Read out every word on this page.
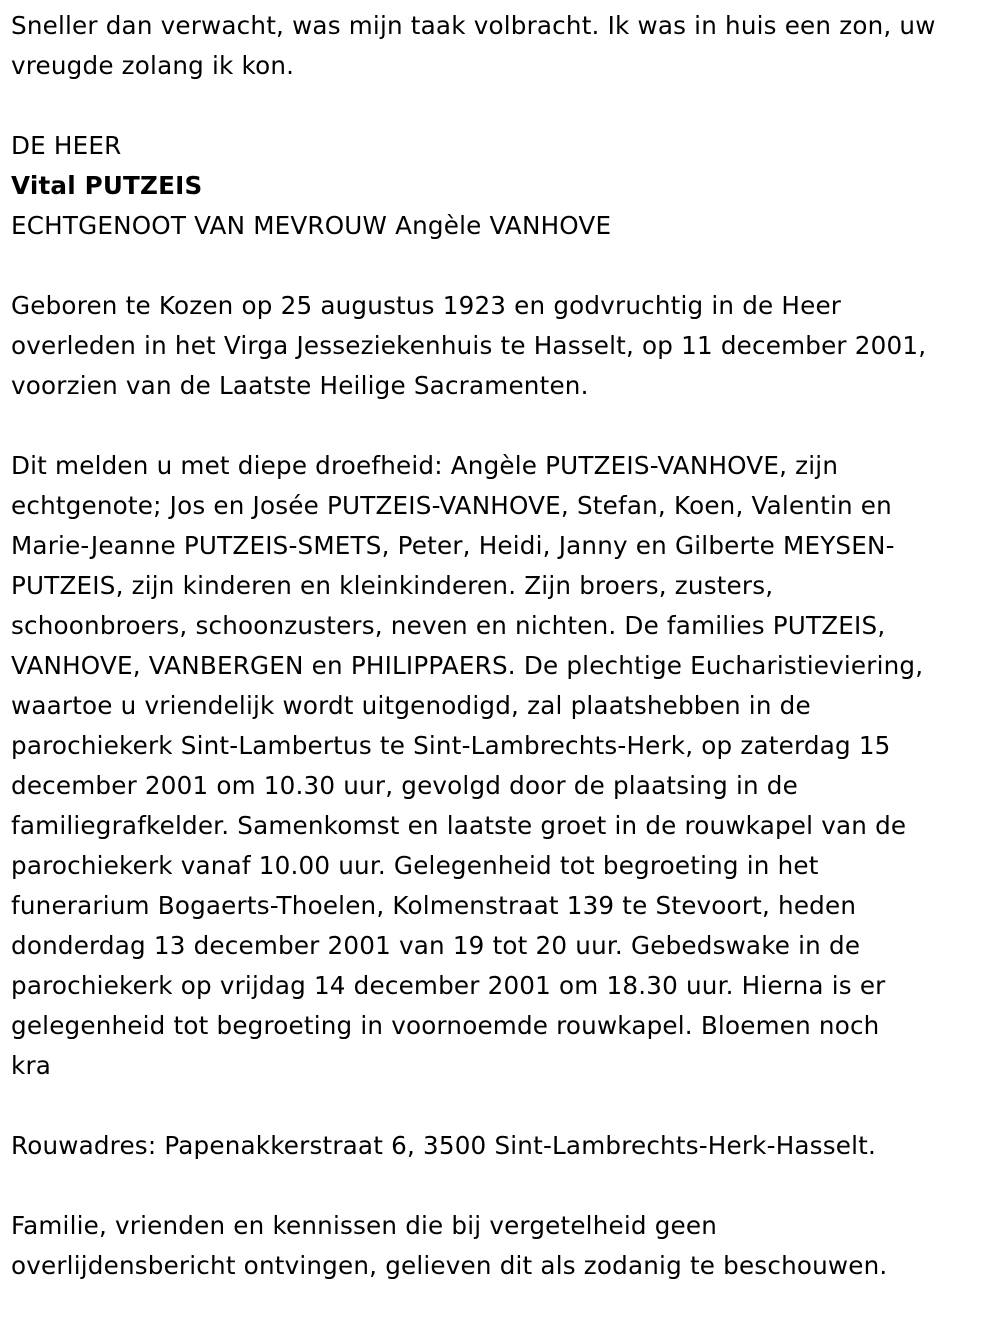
Sneller dan verwacht, was mijn taak volbracht. Ik was in huis een zon, uw
vreugde zolang ik kon.

DE HEER

Vital PUTZEIS

ECHTGENOOT VAN MEVROUW Angèle VANHOVE

Geboren te Kozen op 25 augustus 1923 en godvruchtig in de Heer
overleden in het Virga Jesseziekenhuis te Hasselt, op 11 december 2001,
voorzien van de Laatste Heilige Sacramenten.

Dit melden u met diepe droefheid: Angèle PUTZEIS-VANHOVE, zijn
echtgenote; Jos en Josée PUTZEIS-VANHOVE, Stefan, Koen, Valentin en
Marie-Jeanne PUTZEIS-SMETS, Peter, Heidi, Janny en Gilberte MEYSEN-
PUTZEIS, zijn kinderen en kleinkinderen. Zijn broers, zusters,
schoonbroers, schoonzusters, neven en nichten. De families PUTZEIS,
VANHOVE, VANBERGEN en PHILIPPAERS. De plechtige Eucharistieviering,
waartoe u vriendelijk wordt uitgenodigd, zal plaatshebben in de
parochiekerk Sint-Lambertus te Sint-Lambrechts-Herk, op zaterdag 15
december 2001 om 10.30 uur, gevolgd door de plaatsing in de
familiegrafkelder. Samenkomst en laatste groet in de rouwkapel van de
parochiekerk vanaf 10.00 uur. Gelegenheid tot begroeting in het
funerarium Bogaerts-Thoelen, Kolmenstraat 139 te Stevoort, heden
donderdag 13 december 2001 van 19 tot 20 uur. Gebedswake in de
parochiekerk op vrijdag 14 december 2001 om 18.30 uur. Hierna is er
gelegenheid tot begroeting in voornoemde rouwkapel. Bloemen noch
kra

Rouwadres: Papenakkerstraat 6, 3500 Sint-Lambrechts-Herk-Hasselt.

Familie, vrienden en kennissen die bij vergetelheid geen
overlijdensbericht ontvingen, gelieven dit als zodanig te beschouwen.
